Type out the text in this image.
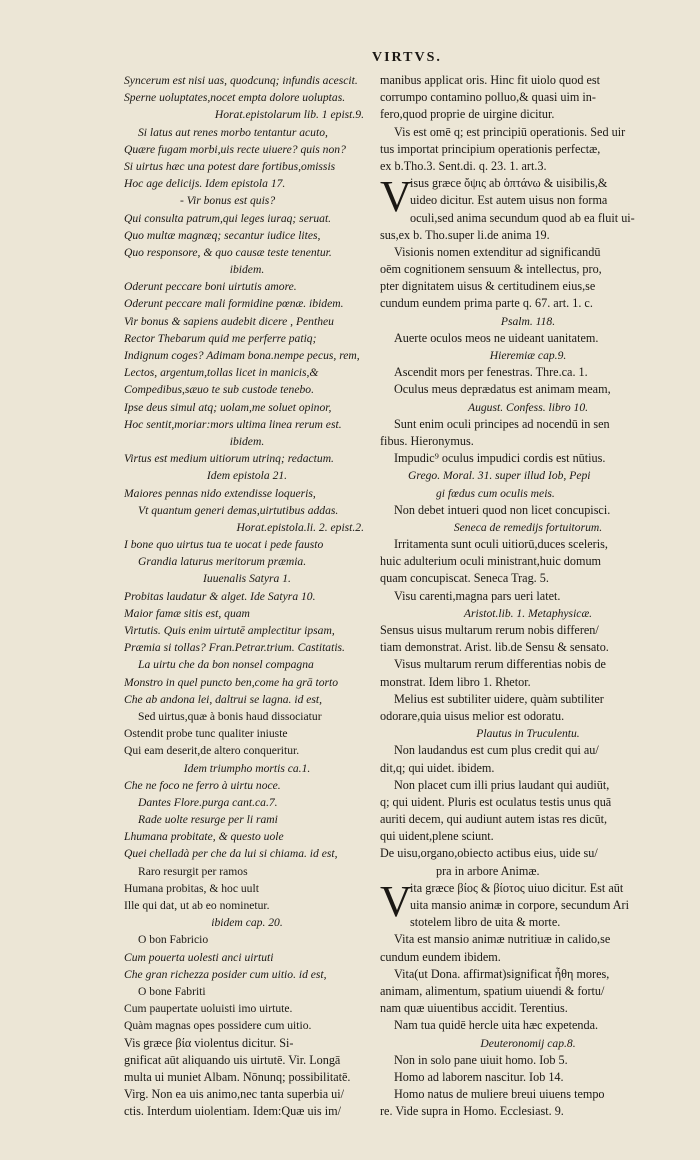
VIRTVS.
Syncerum est nisi uas, quodcunq; infundis acescit.
Sperne uoluptates,nocet empta dolore uoluptas.
Horat.epistolarum lib. 1 epist.9.
Si latus aut renes morbo tentantur acuto,
Quære fugam morbi,uis recte uiuere? quis non?
Si uirtus hæc una potest dare fortibus,omissis
Hoc age delicijs. Idem epistola 17.
- Vir bonus est quis?
Qui consulta patrum,qui leges iuraq; seruat.
Quo multæ magnæq; secantur iudice lites,
Quo responsore, & quo causæ teste tenentur.
ibidem.
Oderunt peccare boni uirtutis amore.
Oderunt peccare mali formidine pœnæ. ibidem.
Vir bonus & sapiens audebit dicere , Pentheu
Rector Thebarum quid me perferre patiq;
Indignum coges? Adimam bona.nempe pecus, rem,
Lectos, argentum,tollas licet in manicis,&
Compedibus,sæuo te sub custode tenebo.
Ipse deus simul atq; uolam,me soluet opinor,
Hoc sentit,moriar:mors ultima linea rerum est.
ibidem.
Virtus est medium uitiorum utrinq; redactum.
Idem epistola 21.
Maiores pennas nido extendisse loqueris,
Vt quantum generi demas,uirtutibus addas.
Horat.epistola.li. 2. epist.2.
I bone quo uirtus tua te uocat i pede fausto
Grandia laturus meritorum præmia.
Iuuenalis Satyra 1.
Probitas laudatur & alget. Ide Satyra 10.
Maior famæ sitis est, quam
Virtutis. Quis enim uirtutē amplectitur ipsam,
Præmia si tollas? Fran.Petrar.trium. Castitatis.
La uirtu che da bon nonsel compagna
Monstro in quel puncto ben,come ha grā torto
Che ab andona lei, daltrui se lagna. id est,
Sed uirtus,quæ à bonis haud dissociatur
Ostendit probe tunc qualiter iniuste
Qui eam deserit,de altero conqueritur.
Idem triumpho mortis ca.1.
Che ne foco ne ferro à uirtu noce.
Dantes Flore.purga cant.ca.7.
Rade uolte resurge per li rami
Lhumana probitate, & questo uole
Quei chelladà per che da lui si chiama. id est,
Raro resurgit per ramos
Humana probitas, & hoc uult
Ille qui dat, ut ab eo nominetur.
ibidem cap. 20.
O bon Fabricio
Cum pouerta uolesti anci uirtuti
Che gran richezza posider cum uitio. id est,
O bone Fabriti
Cum paupertate uoluisti imo uirtute.
Quàm magnas opes possidere cum uitio.
Vis græce βία violentus dicitur. Si-
gnificat aūt aliquando uis uirtutē. Vir. Longā
multa ui muniet Albam. Nōnunq; possibilitatē.
Virg. Non ea uis animo,nec tanta superbia ui/
ctis. Interdum uiolentiam. Idem:Quæ uis im/
manibus applicat oris. Hinc fit uiolo quod est
corrumpo contamino polluo,& quasi uim in-
fero,quod proprie de uirgine dicitur.
Vis est omē q; est principiū operationis. Sed uir
tus importat principium operationis perfectæ,
ex b.Tho.3. Sent.di. q. 23. 1. art.3.
V
isus græce ὄψις ab ὀπτάνω & uisibilis,&
uideo dicitur. Est autem uisus non forma
oculi,sed anima secundum quod ab ea fluit ui-
sus,ex b. Tho.super li.de anima 19.
Visionis nomen extenditur ad significandū
oēm cognitionem sensuum & intellectus, pro,
pter dignitatem uisus & certitudinem eius,se
cundum eundem prima parte q. 67. art. 1. c.
Psalm. 118.
Auerte oculos meos ne uideant uanitatem.
Hieremiæ cap.9.
Ascendit mors per fenestras. Thre.ca. 1.
Oculus meus deprædatus est animam meam,
August. Confess. libro 10.
Sunt enim oculi principes ad nocendū in sen
fibus. Hieronymus.
Impudic⁹ oculus impudici cordis est nūtius.
Grego. Moral. 31. super illud Iob, Pepi
gi fœdus cum oculis meis.
Non debet intueri quod non licet concupisci.
Seneca de remedijs fortuitorum.
Irritamenta sunt oculi uitiorū,duces sceleris,
huic adulterium oculi ministrant,huic domum
quam concupiscat. Seneca Trag. 5.
Visu carenti,magna pars ueri latet.
Aristot.lib. 1. Metaphysicæ.
Sensus uisus multarum rerum nobis differen/
tiam demonstrat. Arist. lib.de Sensu & sensato.
Visus multarum rerum differentias nobis de
monstrat. Idem libro 1. Rhetor.
Melius est subtiliter uidere, quàm subtiliter
odorare,quia uisus melior est odoratu.
Plautus in Truculentu.
Non laudandus est cum plus credit qui au/
dit,q; qui uidet. ibidem.
Non placet cum illi prius laudant qui audiūt,
q; qui uident. Pluris est oculatus testis unus quā
auriti decem, qui audiunt autem istas res dicūt,
qui uident,plene sciunt.
De uisu,organo,obiecto actibus eius, uide su/
pra in arbore Animæ.
V
ita græce βίος & βίοτος uiuo dicitur. Est aūt
uita mansio animæ in corpore, secundum Ari
stotelem libro de uita & morte.
Vita est mansio animæ nutritiuæ in calido,se
cundum eundem ibidem.
Vita(ut Dona. affirmat)significat ἦθη mores,
animam, alimentum, spatium uiuendi & fortu/
nam quæ uiuentibus accidit. Terentius.
Nam tua quidē hercle uita hæc expetenda.
Deuteronomij cap.8.
Non in solo pane uiuit homo. Iob 5.
Homo ad laborem nascitur. Iob 14.
Homo natus de muliere breui uiuens tempo
re. Vide supra in Homo. Ecclesiast. 9.
